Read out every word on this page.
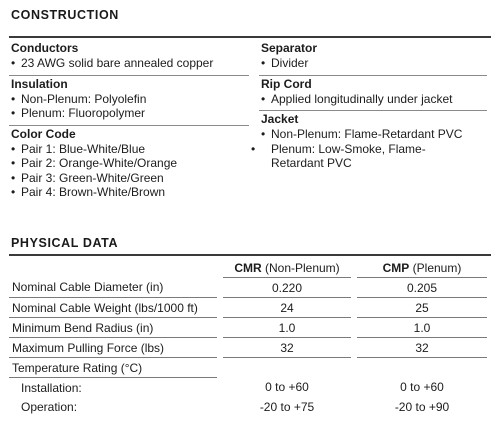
CONSTRUCTION
Conductors
• 23 AWG solid bare annealed copper
Insulation
• Non-Plenum: Polyolefin
• Plenum: Fluoropolymer
Color Code
• Pair 1: Blue-White/Blue
• Pair 2: Orange-White/Orange
• Pair 3: Green-White/Green
• Pair 4: Brown-White/Brown
Separator
• Divider
Rip Cord
• Applied longitudinally under jacket
Jacket
• Non-Plenum: Flame-Retardant PVC
• Plenum: Low-Smoke, Flame-Retardant PVC
PHYSICAL DATA
		CMR (Non-Plenum)		CMP (Plenum)
Nominal Cable Diameter (in)		0.220		0.205
Nominal Cable Weight (lbs/1000 ft)		24		25
Minimum Bend Radius (in)		1.0		1.0
Maximum Pulling Force (lbs)		32		32
Temperature Rating (°C)				
Installation:		0 to +60		0 to +60
Operation:		-20 to +75		-20 to +90
